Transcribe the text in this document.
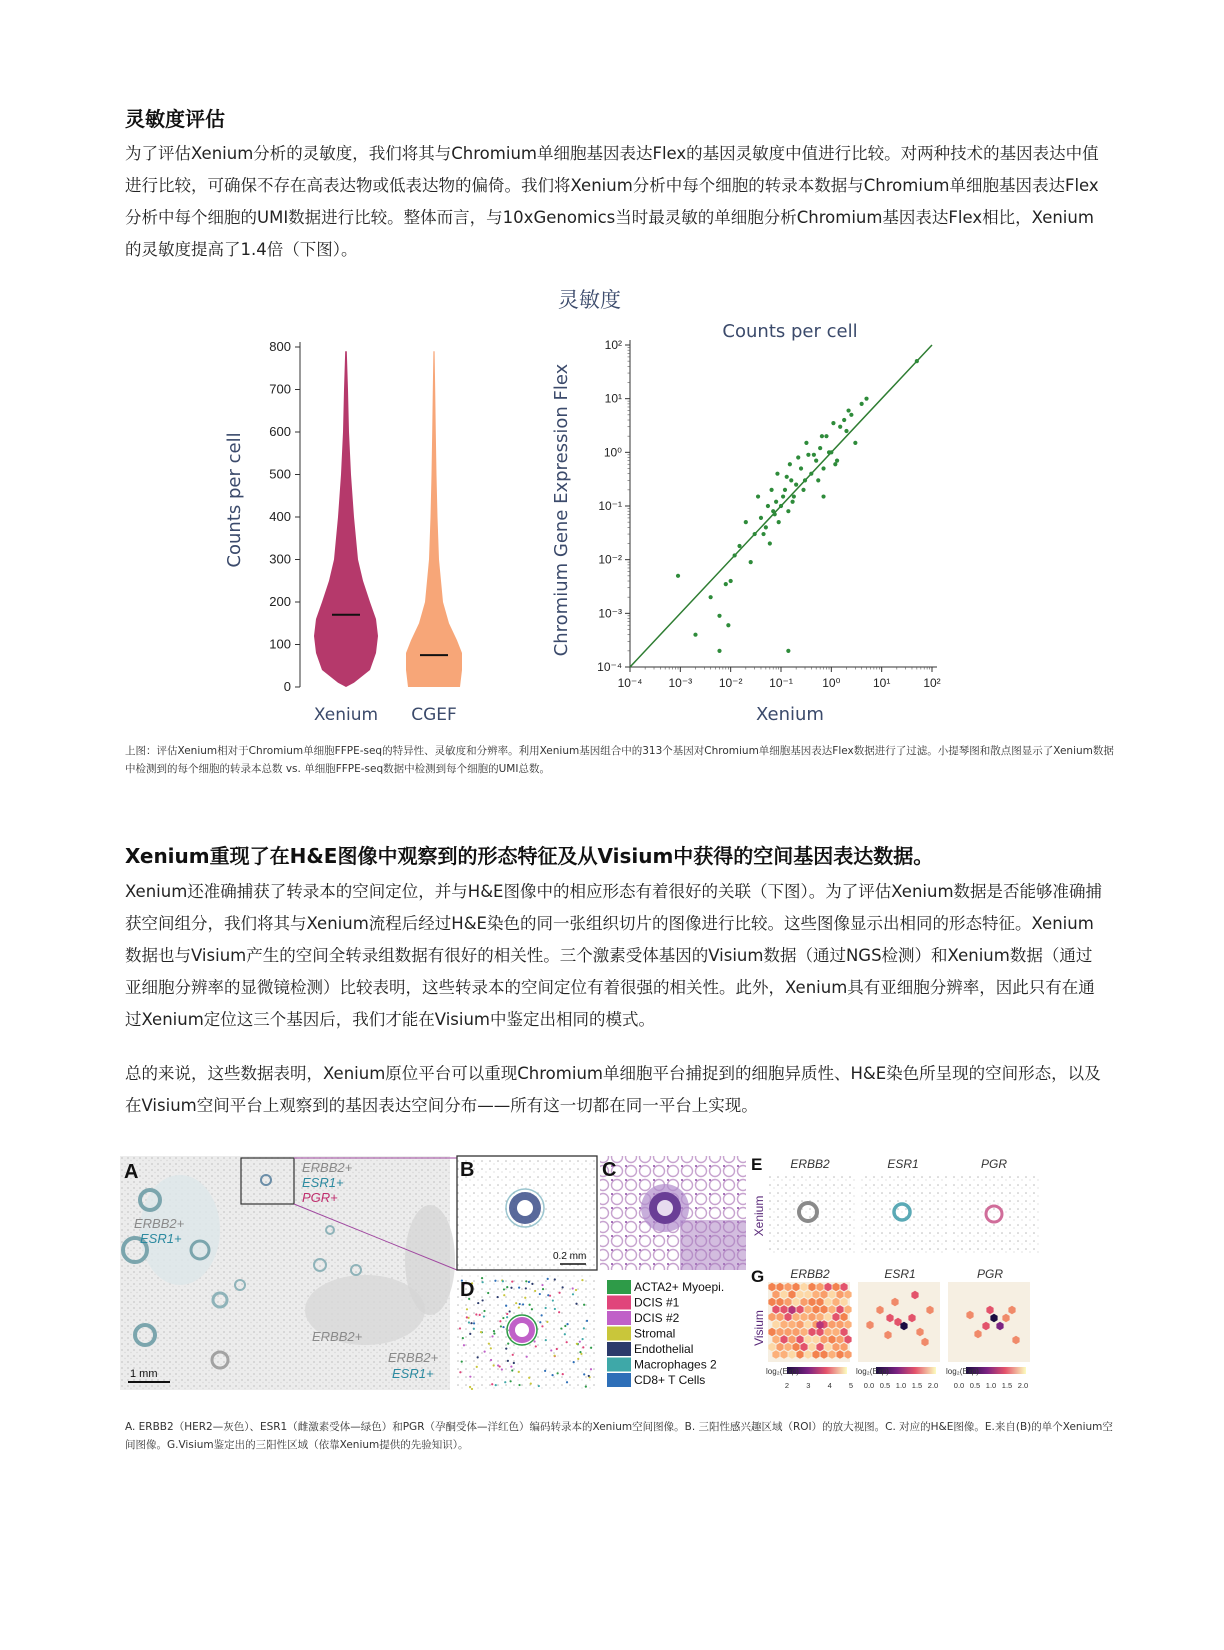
灵敏度评估

为了评估Xenium分析的灵敏度，我们将其与Chromium单细胞基因表达Flex的基因灵敏度中值进行比较。对两种技术的基因表达中值进行比较，可确保不存在高表达物或低表达物的偏倚。我们将Xenium分析中每个细胞的转录本数据与Chromium单细胞基因表达Flex分析中每个细胞的UMI数据进行比较。整体而言，与10xGenomics当时最灵敏的单细胞分析Chromium基因表达Flex相比，Xenium的灵敏度提高了1.4倍（下图）。

灵敏度
Counts per cell
0
100
200
300
400
500
600
700
800
Xenium CGEF
Counts per cell
Chromium Gene Expression Flex
Xenium
10⁻⁴
10⁻⁴
10⁻³
10⁻³
10⁻²
10⁻²
10⁻¹
10⁻¹
10⁰
10⁰
10¹
10¹
10²
10²
上图：评估Xenium相对于Chromium单细胞FFPE-seq的特异性、灵敏度和分辨率。利用Xenium基因组合中的313个基因对Chromium单细胞基因表达Flex数据进行了过滤。小提琴图和散点图显示了Xenium数据中检测到的每个细胞的转录本总数 vs. 单细胞FFPE-seq数据中检测到每个细胞的UMI总数。
Xenium重现了在H&E图像中观察到的形态特征及从Visium中获得的空间基因表达数据。

Xenium还准确捕获了转录本的空间定位，并与H&E图像中的相应形态有着很好的关联（下图）。为了评估Xenium数据是否能够准确捕获空间组分，我们将其与Xenium流程后经过H&E染色的同一张组织切片的图像进行比较。这些图像显示出相同的形态特征。Xenium数据也与Visium产生的空间全转录组数据有很好的相关性。三个激素受体基因的Visium数据（通过NGS检测）和Xenium数据（通过亚细胞分辨率的显微镜检测）比较表明，这些转录本的空间定位有着很强的相关性。此外，Xenium具有亚细胞分辨率，因此只有在通过Xenium定位这三个基因后，我们才能在Visium中鉴定出相同的模式。

总的来说，这些数据表明，Xenium原位平台可以重现Chromium单细胞平台捕捉到的细胞异质性、H&E染色所呈现的空间形态，以及在Visium空间平台上观察到的基因表达空间分布——所有这一切都在同一平台上实现。

A	ERBB2+
ESR1+
PGR+
ERBB2+
ESR1+
ERBB2+
ERBB2+
ESR1+
1 mm
B
0.2 mm
C
D	ACTA2+ Myoepi.
DCIS #1
DCIS #2
Stromal
Endothelial
Macrophages 2
CD8+ T Cells
E
Xenium
ERBB2	ESR1	PGR
G
Visium
ERBB2	ESR1	PGR
log₂(Exp)	log₂(Exp)	log₂(Exp)
2 3 4 5 0.0 0.5 1.0 1.5 2.0 0.0 0.5 1.0 1.5 2.0
A. ERBB2（HER2—灰色）、ESR1（雌激素受体—绿色）和PGR（孕酮受体—洋红色）编码转录本的Xenium空间图像。B. 三阳性感兴趣区域（ROI）的放大视图。C. 对应的H&E图像。E.来自(B)的单个Xenium空间图像。G.Visium鉴定出的三阳性区域（依靠Xenium提供的先验知识）。
